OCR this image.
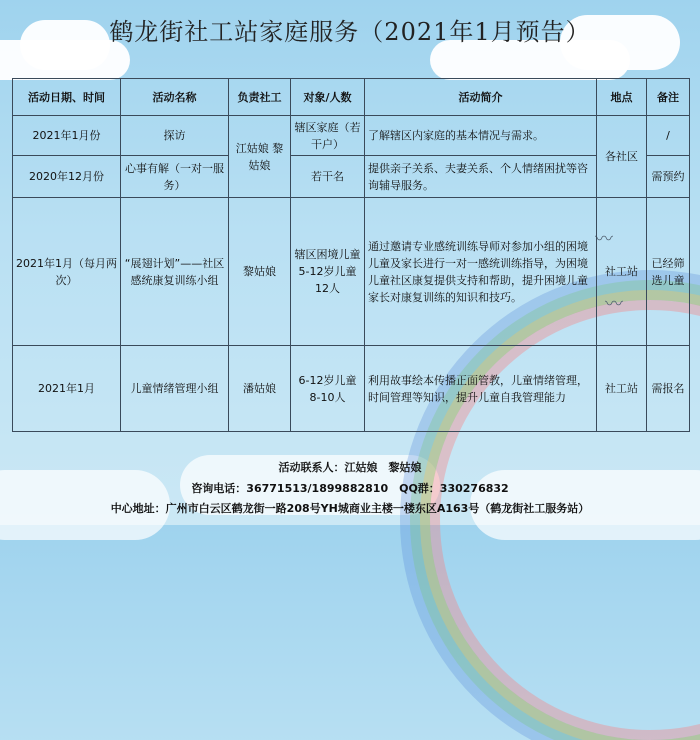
〰
〰
鹤龙街社工站家庭服务（2021年1月预告）
活动日期、时间	活动名称	负责社工	对象/人数	活动简介	地点	备注
2021年1月份	探访	江姑娘 黎姑娘	辖区家庭（若干户）	了解辖区内家庭的基本情况与需求。	各社区	/
2020年12月份	心事有解（一对一服务）		若干名	提供亲子关系、夫妻关系、个人情绪困扰等咨询辅导服务。		需预约
2021年1月（每月两次）	“展翅计划”——社区感统康复训练小组	黎姑娘	辖区困境儿童5-12岁儿童12人	通过邀请专业感统训练导师对参加小组的困境儿童及家长进行一对一感统训练指导，为困境儿童社区康复提供支持和帮助，提升困境儿童家长对康复训练的知识和技巧。	社工站	已经筛选儿童
2021年1月	儿童情绪管理小组	潘姑娘	6-12岁儿童8-10人	利用故事绘本传播正面管教，儿童情绪管理，时间管理等知识，提升儿童自我管理能力	社工站	需报名
活动联系人：江姑娘　黎姑娘
咨询电话：36771513/18998828​10　QQ群：330276832
中心地址：广州市白云区鹤龙街一路208号YH城商业主楼一楼东区A163号（鹤龙街社工服务站）
